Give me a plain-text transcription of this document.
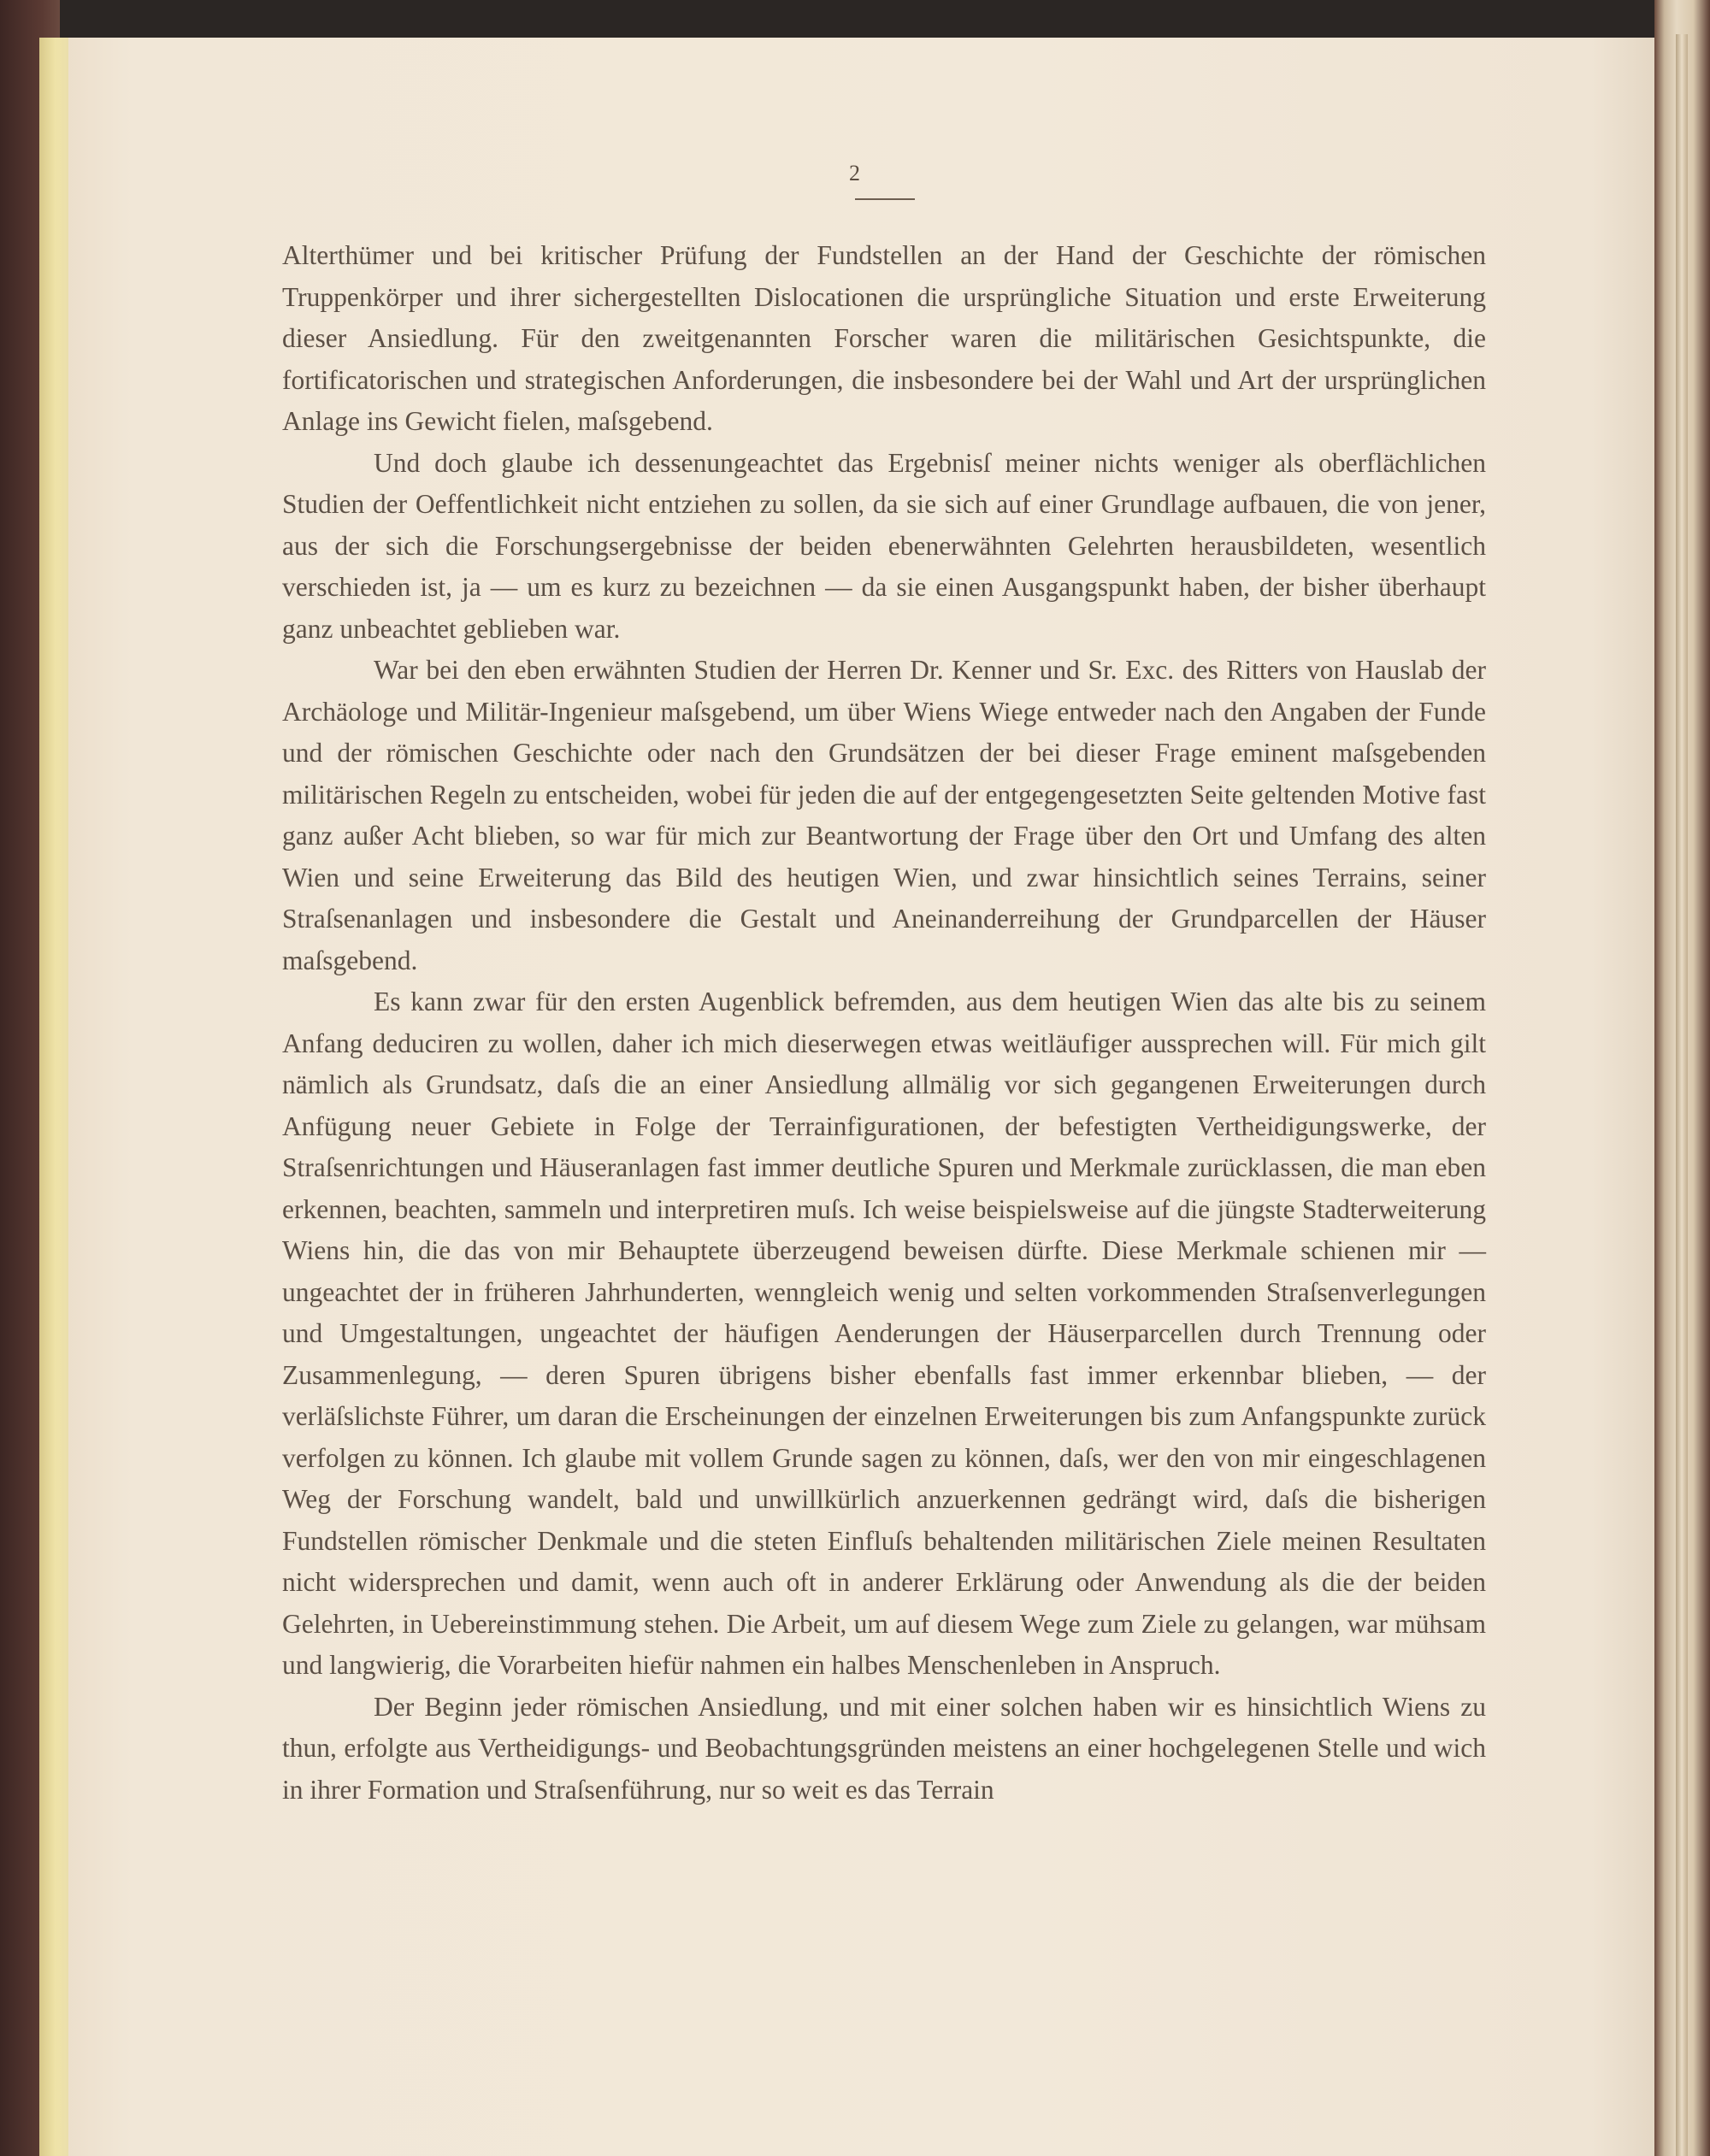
2

Alterthümer und bei kritischer Prüfung der Fundstellen an der Hand der Geschichte der römischen Truppenkörper und ihrer sichergestellten Dislocationen die ursprüngliche Situation und erste Erweiterung dieser Ansiedlung. Für den zweitgenannten Forscher waren die militärischen Gesichtspunkte, die fortificatorischen und strategischen Anforderungen, die insbesondere bei der Wahl und Art der ursprünglichen Anlage ins Gewicht fielen, maſsgebend.

Und doch glaube ich dessenungeachtet das Ergebnisſ meiner nichts weniger als oberflächlichen Studien der Oeffentlichkeit nicht entziehen zu sollen, da sie sich auf einer Grundlage aufbauen, die von jener, aus der sich die Forschungsergebnisse der beiden ebenerwähnten Gelehrten herausbildeten, wesentlich verschieden ist, ja — um es kurz zu bezeichnen — da sie einen Ausgangspunkt haben, der bisher überhaupt ganz unbeachtet geblieben war.

War bei den eben erwähnten Studien der Herren Dr. Kenner und Sr. Exc. des Ritters von Hauslab der Archäologe und Militär-Ingenieur maſsgebend, um über Wiens Wiege entweder nach den Angaben der Funde und der römischen Geschichte oder nach den Grundsätzen der bei dieser Frage eminent maſsgebenden militärischen Regeln zu entscheiden, wobei für jeden die auf der entgegengesetzten Seite geltenden Motive fast ganz außer Acht blieben, so war für mich zur Beantwortung der Frage über den Ort und Umfang des alten Wien und seine Erweiterung das Bild des heutigen Wien, und zwar hinsichtlich seines Terrains, seiner Straſsenanlagen und insbesondere die Gestalt und Aneinanderreihung der Grundparcellen der Häuser maſsgebend.

Es kann zwar für den ersten Augenblick befremden, aus dem heutigen Wien das alte bis zu seinem Anfang deduciren zu wollen, daher ich mich dieserwegen etwas weitläufiger aussprechen will. Für mich gilt nämlich als Grundsatz, daſs die an einer Ansiedlung allmälig vor sich gegangenen Erweiterungen durch Anfügung neuer Gebiete in Folge der Terrainfigurationen, der befestigten Vertheidigungswerke, der Straſsenrichtungen und Häuseranlagen fast immer deutliche Spuren und Merkmale zurücklassen, die man eben erkennen, beachten, sammeln und interpretiren muſs. Ich weise beispielsweise auf die jüngste Stadterweiterung Wiens hin, die das von mir Behauptete überzeugend beweisen dürfte. Diese Merkmale schienen mir — ungeachtet der in früheren Jahrhunderten, wenngleich wenig und selten vorkommenden Straſsenverlegungen und Umgestaltungen, ungeachtet der häufigen Aenderungen der Häuserparcellen durch Trennung oder Zusammenlegung, — deren Spuren übrigens bisher ebenfalls fast immer erkennbar blieben, — der verläſslichste Führer, um daran die Erscheinungen der einzelnen Erweiterungen bis zum Anfangspunkte zurück verfolgen zu können. Ich glaube mit vollem Grunde sagen zu können, daſs, wer den von mir eingeschlagenen Weg der Forschung wandelt, bald und unwillkürlich anzuerkennen gedrängt wird, daſs die bisherigen Fundstellen römischer Denkmale und die steten Einfluſs behaltenden militärischen Ziele meinen Resultaten nicht widersprechen und damit, wenn auch oft in anderer Erklärung oder Anwendung als die der beiden Gelehrten, in Uebereinstimmung stehen. Die Arbeit, um auf diesem Wege zum Ziele zu gelangen, war mühsam und langwierig, die Vorarbeiten hiefür nahmen ein halbes Menschenleben in Anspruch.

Der Beginn jeder römischen Ansiedlung, und mit einer solchen haben wir es hinsichtlich Wiens zu thun, erfolgte aus Vertheidigungs- und Beobachtungsgründen meistens an einer hochgelegenen Stelle und wich in ihrer Formation und Straſsenführung, nur so weit es das Terrain
